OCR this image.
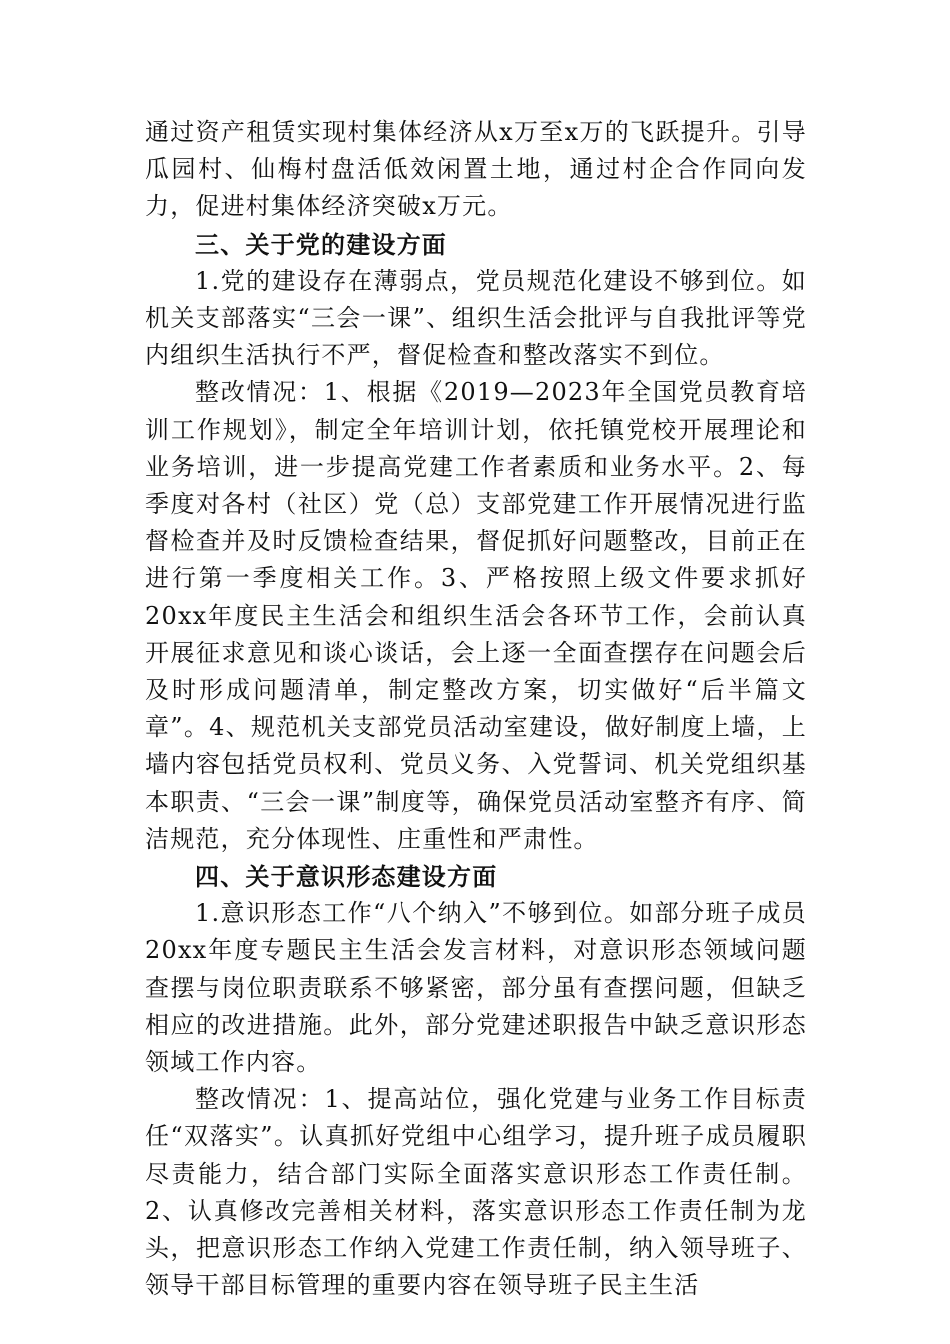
通过资产租赁实现村集体经济从x万至x万的飞跃提升。引导瓜园村、仙梅村盘活低效闲置土地，通过村企合作同向发力，促进村集体经济突破x万元。

三、关于党的建设方面

1.党的建设存在薄弱点，党员规范化建设不够到位。如机关支部落实“三会一课”、组织生活会批评与自我批评等党内组织生活执行不严，督促检查和整改落实不到位。

整改情况：1、根据《2019—2023年全国党员教育培训工作规划》，制定全年培训计划，依托镇党校开展理论和业务培训，进一步提高党建工作者素质和业务水平。2、每季度对各村（社区）党（总）支部党建工作开展情况进行监督检查并及时反馈检查结果，督促抓好问题整改，目前正在进行第一季度相关工作。3、严格按照上级文件要求抓好20xx年度民主生活会和组织生活会各环节工作，会前认真开展征求意见和谈心谈话，会上逐一全面查摆存在问题会后及时形成问题清单，制定整改方案，切实做好“后半篇文章”。4、规范机关支部党员活动室建设，做好制度上墙，上墙内容包括党员权利、党员义务、入党誓词、机关党组织基本职责、“三会一课”制度等，确保党员活动室整齐有序、简洁规范，充分体现性、庄重性和严肃性。

四、关于意识形态建设方面

1.意识形态工作“八个纳入”不够到位。如部分班子成员20xx年度专题民主生活会发言材料，对意识形态领域问题查摆与岗位职责联系不够紧密，部分虽有查摆问题，但缺乏相应的改进措施。此外，部分党建述职报告中缺乏意识形态领域工作内容。

整改情况：1、提高站位，强化党建与业务工作目标责任“双落实”。认真抓好党组中心组学习，提升班子成员履职尽责能力，结合部门实际全面落实意识形态工作责任制。2、认真修改完善相关材料，落实意识形态工作责任制为龙头，把意识形态工作纳入党建工作责任制，纳入领导班子、领导干部目标管理的重要内容在领导班子民主生活
